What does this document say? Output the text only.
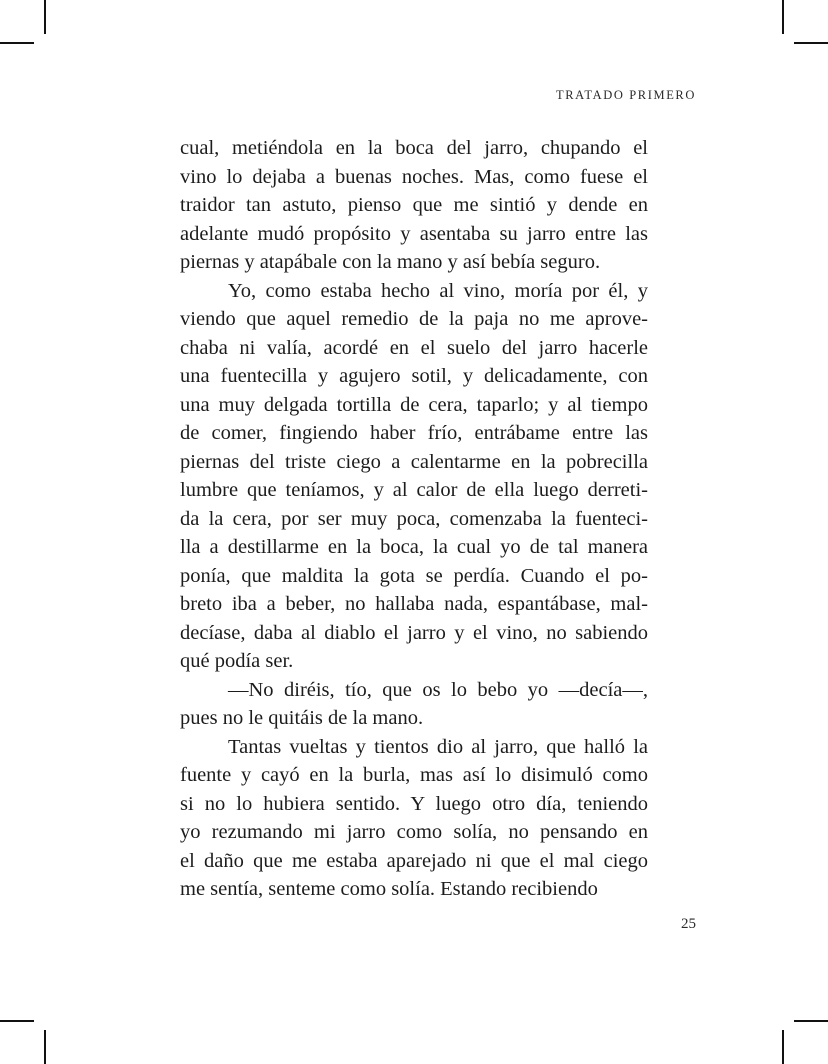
TRATADO PRIMERO
cual, metiéndola en la boca del jarro, chupando el
vino lo dejaba a buenas noches. Mas, como fuese el
traidor tan astuto, pienso que me sintió y dende en
adelante mudó propósito y asentaba su jarro entre las
piernas y atapábale con la mano y así bebía seguro.
Yo, como estaba hecho al vino, moría por él, y
viendo que aquel remedio de la paja no me aprove-
chaba ni valía, acordé en el suelo del jarro hacerle
una fuentecilla y agujero sotil, y delicadamente, con
una muy delgada tortilla de cera, taparlo; y al tiempo
de comer, fingiendo haber frío, entrábame entre las
piernas del triste ciego a calentarme en la pobrecilla
lumbre que teníamos, y al calor de ella luego derreti-
da la cera, por ser muy poca, comenzaba la fuenteci-
lla a destillarme en la boca, la cual yo de tal manera
ponía, que maldita la gota se perdía. Cuando el po-
breto iba a beber, no hallaba nada, espantábase, mal-
decíase, daba al diablo el jarro y el vino, no sabiendo
qué podía ser.
—No diréis, tío, que os lo bebo yo —decía—,
pues no le quitáis de la mano.
Tantas vueltas y tientos dio al jarro, que halló la
fuente y cayó en la burla, mas así lo disimuló como
si no lo hubiera sentido. Y luego otro día, teniendo
yo rezumando mi jarro como solía, no pensando en
el daño que me estaba aparejado ni que el mal ciego
me sentía, senteme como solía. Estando recibiendo
25
